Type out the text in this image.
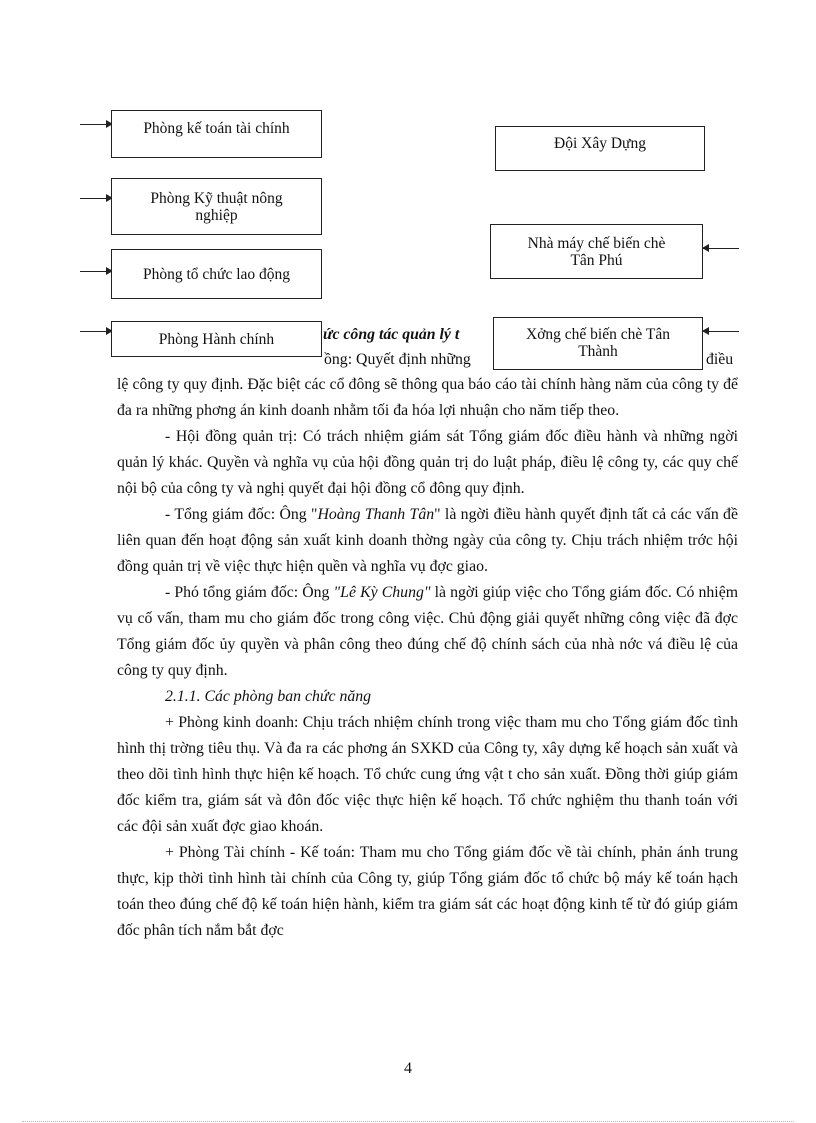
Phòng kế toán tài chính
Phòng Kỹ thuật nông
nghiệp
Phòng tổ chức lao động
Phòng Hành chính
Đội Xây Dựng
Nhà máy chế biến chè
Tân Phú
Xởng chế biến chè Tân
Thành
ức công tác quản lý t
ồng: Quyết định những	điều

lệ công ty quy định. Đặc biệt các cổ đông sẽ thông qua báo cáo tài chính hàng năm của công ty để đa ra những phơng án kinh doanh nhằm tối đa hóa lợi nhuận cho năm tiếp theo.

- Hội đồng quản trị: Có trách nhiệm giám sát Tổng giám đốc điều hành và những ngời quản lý khác. Quyền và nghĩa vụ của hội đồng quản trị do luật pháp, điều lệ công ty, các quy chế nội bộ của công ty và nghị quyết đại hội đồng cổ đông quy định.

- Tổng giám đốc: Ông "Hoàng Thanh Tân" là ngời điều hành quyết định tất cả các vấn đề liên quan đến hoạt động sản xuất kinh doanh thờng ngày của công ty. Chịu trách nhiệm trớc hội đồng quản trị về việc thực hiện quền và nghĩa vụ đợc giao.

- Phó tổng giám đốc: Ông "Lê Kỳ Chung" là ngời giúp việc cho Tổng giám đốc. Có nhiệm vụ cố vấn, tham mu cho giám đốc trong công việc. Chủ động giải quyết những công việc đã đợc Tổng giám đốc ủy quyền và phân công theo đúng chế độ chính sách của nhà nớc vá điều lệ của công ty quy định.

2.1.1. Các phòng ban chức năng

+ Phòng kinh doanh: Chịu trách nhiệm chính trong việc tham mu cho Tổng giám đốc tình hình thị trờng tiêu thụ. Và đa ra các phơng án SXKD của Công ty, xây dựng kế hoạch sản xuất và theo dõi tình hình thực hiện kế hoạch. Tổ chức cung ứng vật t cho sản xuất. Đồng thời giúp giám đốc kiểm tra, giám sát và đôn đốc việc thực hiện kế hoạch. Tổ chức nghiệm thu thanh toán với các đội sản xuất đợc giao khoán.

+ Phòng Tài chính - Kế toán: Tham mu cho Tổng giám đốc về tài chính, phản ánh trung thực, kịp thời tình hình tài chính của Công ty, giúp Tổng giám đốc tổ chức bộ máy kế toán hạch toán theo đúng chế độ kế toán hiện hành, kiểm tra giám sát các hoạt động kinh tế từ đó giúp giám đốc phân tích nắm bắt đợc

4
